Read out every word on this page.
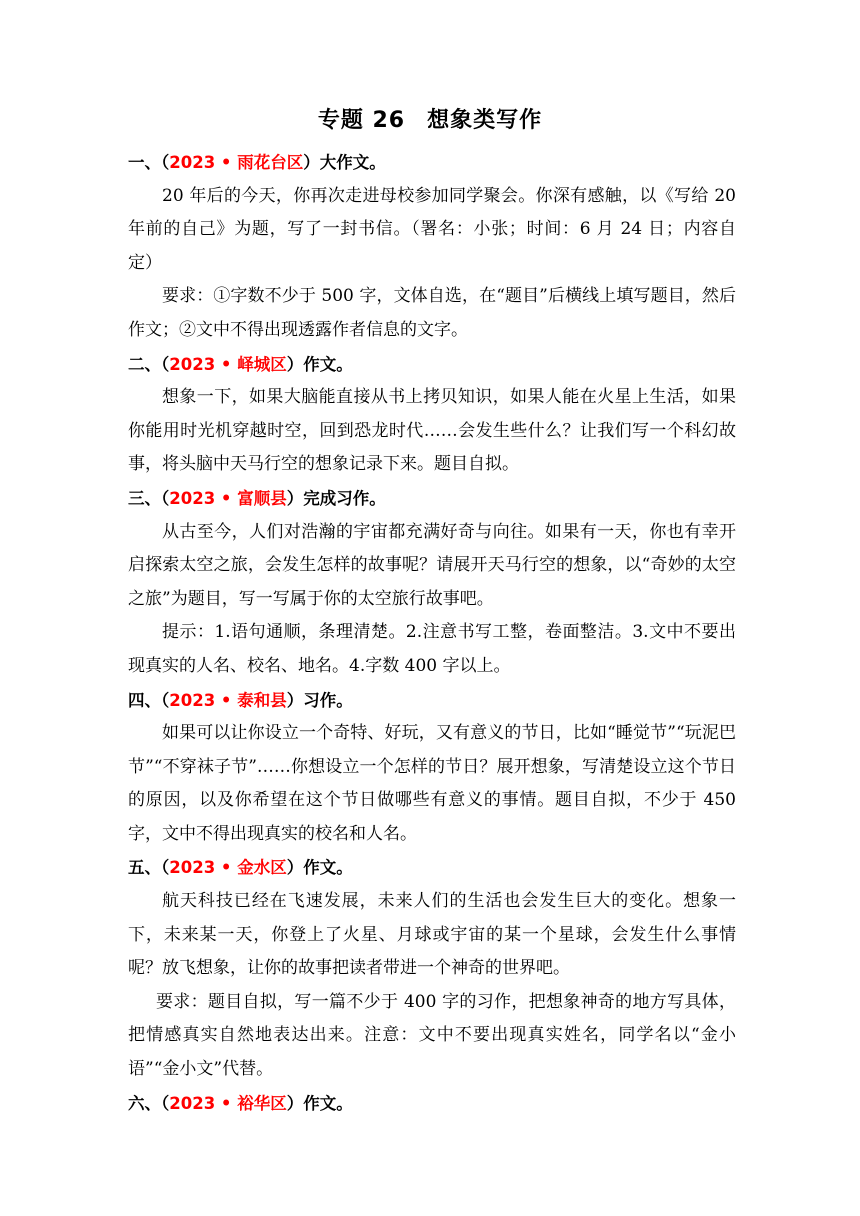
专题 26 想象类写作
一、（2023 • 雨花台区）大作文。

20 年后的今天，你再次走进母校参加同学聚会。你深有感触，以《写给 20 年前的自己》为题，写了一封书信。（署名：小张；时间：6 月 24 日；内容自定）

要求：①字数不少于 500 字，文体自选，在“题目”后横线上填写题目，然后作文；②文中不得出现透露作者信息的文字。

二、（2023 • 峄城区）作文。

想象一下，如果大脑能直接从书上拷贝知识，如果人能在火星上生活，如果你能用时光机穿越时空，回到恐龙时代……会发生些什么？让我们写一个科幻故事，将头脑中天马行空的想象记录下来。题目自拟。

三、（2023 • 富顺县）完成习作。

从古至今，人们对浩瀚的宇宙都充满好奇与向往。如果有一天，你也有幸开启探索太空之旅，会发生怎样的故事呢？请展开天马行空的想象，以“奇妙的太空之旅”为题目，写一写属于你的太空旅行故事吧。

提示：1.语句通顺，条理清楚。2.注意书写工整，卷面整洁。3.文中不要出现真实的人名、校名、地名。4.字数 400 字以上。

四、（2023 • 泰和县）习作。

如果可以让你设立一个奇特、好玩，又有意义的节日，比如“睡觉节”“玩泥巴节”“不穿袜子节”……你想设立一个怎样的节日？展开想象，写清楚设立这个节日的原因，以及你希望在这个节日做哪些有意义的事情。题目自拟，不少于 450 字，文中不得出现真实的校名和人名。

五、（2023 • 金水区）作文。

航天科技已经在飞速发展，未来人们的生活也会发生巨大的变化。想象一下，未来某一天，你登上了火星、月球或宇宙的某一个星球，会发生什么事情呢？放飞想象，让你的故事把读者带进一个神奇的世界吧。

要求：题目自拟，写一篇不少于 400 字的习作，把想象神奇的地方写具体，把情感真实自然地表达出来。注意：文中不要出现真实姓名，同学名以“金小语”“金小文”代替。

六、（2023 • 裕华区）作文。
